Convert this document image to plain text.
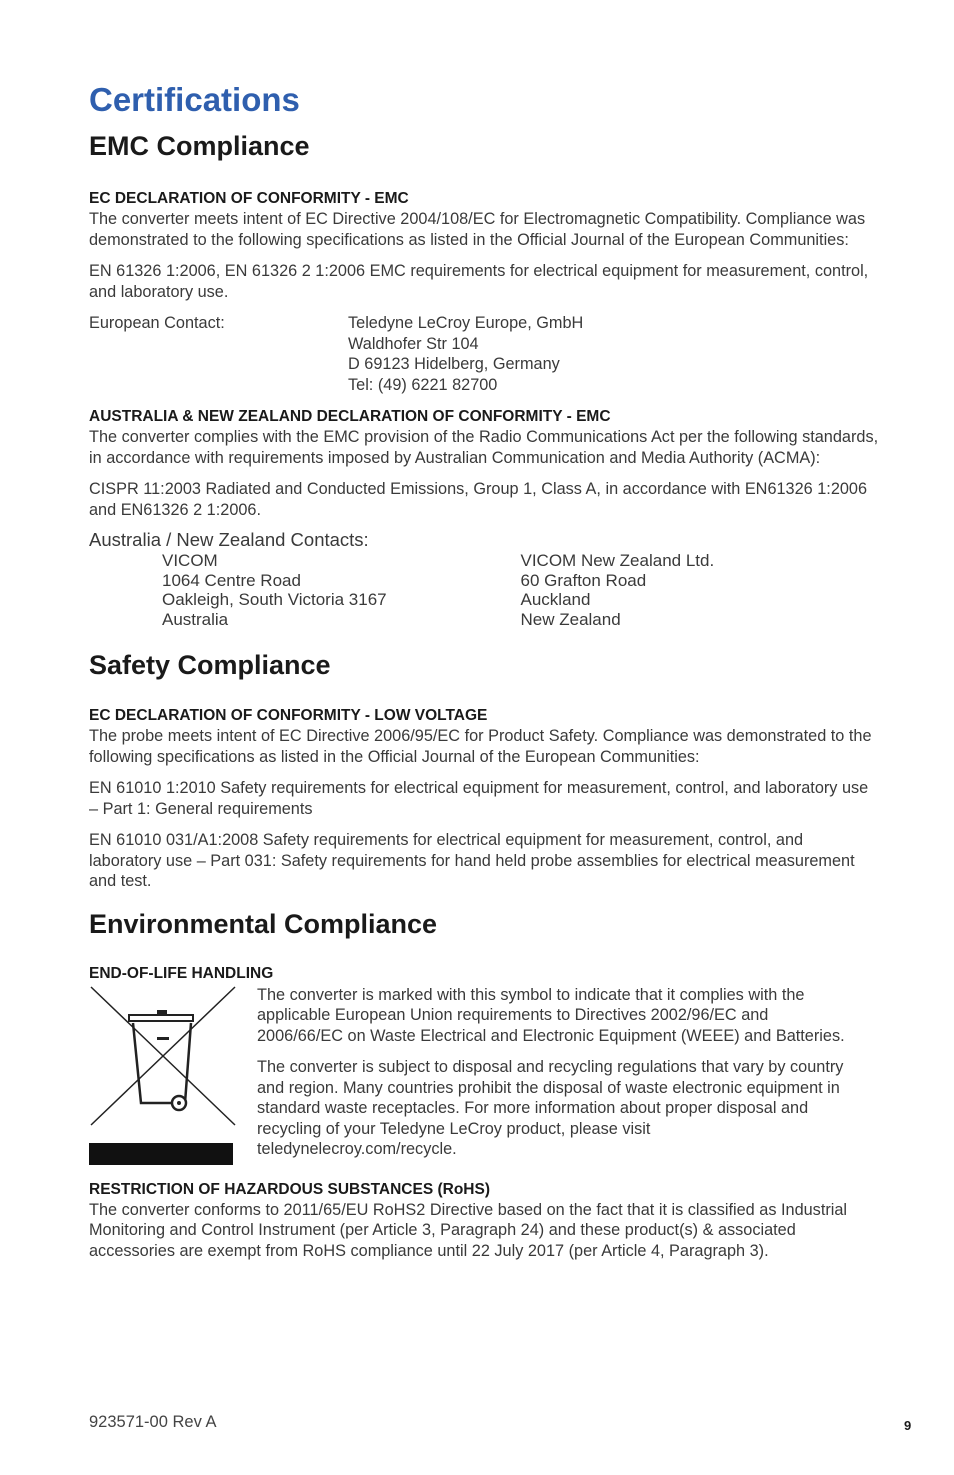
Certifications
EMC Compliance
EC DECLARATION OF CONFORMITY - EMC

The converter meets intent of EC Directive 2004/108/EC for Electromagnetic Compatibility. Compliance was demonstrated to the following specifications as listed in the Official Journal of the European Communities:

EN 61326 1:2006, EN 61326 2 1:2006 EMC requirements for electrical equipment for measurement, control, and laboratory use.

European Contact:	Teledyne LeCroy Europe, GmbH
Waldhofer Str 104
D 69123 Hidelberg, Germany
Tel: (49) 6221 82700
AUSTRALIA & NEW ZEALAND DECLARATION OF CONFORMITY - EMC

The converter complies with the EMC provision of the Radio Communications Act per the following standards, in accordance with requirements imposed by Australian Communication and Media Authority (ACMA):

CISPR 11:2003 Radiated and Conducted Emissions, Group 1, Class A, in accordance with EN61326 1:2006 and EN61326 2 1:2006.

Australia / New Zealand Contacts:
VICOM
1064 Centre Road
Oakleigh, South Victoria 3167
Australia
VICOM New Zealand Ltd.
60 Grafton Road
Auckland
New Zealand
Safety Compliance
EC DECLARATION OF CONFORMITY - LOW VOLTAGE

The probe meets intent of EC Directive 2006/95/EC for Product Safety. Compliance was demonstrated to the following specifications as listed in the Official Journal of the European Communities:

EN 61010 1:2010 Safety requirements for electrical equipment for measurement, control, and laboratory use – Part 1: General requirements

EN 61010 031/A1:2008 Safety requirements for electrical equipment for measurement, control, and laboratory use – Part 031: Safety requirements for hand held probe assemblies for electrical measurement and test.

Environmental Compliance
END-OF-LIFE HANDLING

The converter is marked with this symbol to indicate that it complies with the applicable European Union requirements to Directives 2002/96/EC and 2006/66/EC on Waste Electrical and Electronic Equipment (WEEE) and Batteries.

The converter is subject to disposal and recycling regulations that vary by country and region. Many countries prohibit the disposal of waste electronic equipment in standard waste receptacles. For more information about proper disposal and recycling of your Teledyne LeCroy product, please visit teledynelecroy.com/recycle.

RESTRICTION OF HAZARDOUS SUBSTANCES (RoHS)

The converter conforms to 2011/65/EU RoHS2 Directive based on the fact that it is classified as Industrial Monitoring and Control Instrument (per Article 3, Paragraph 24) and these product(s) & associated accessories are exempt from RoHS compliance until 22 July 2017 (per Article 4, Paragraph 3).

923571-00 Rev A	9
